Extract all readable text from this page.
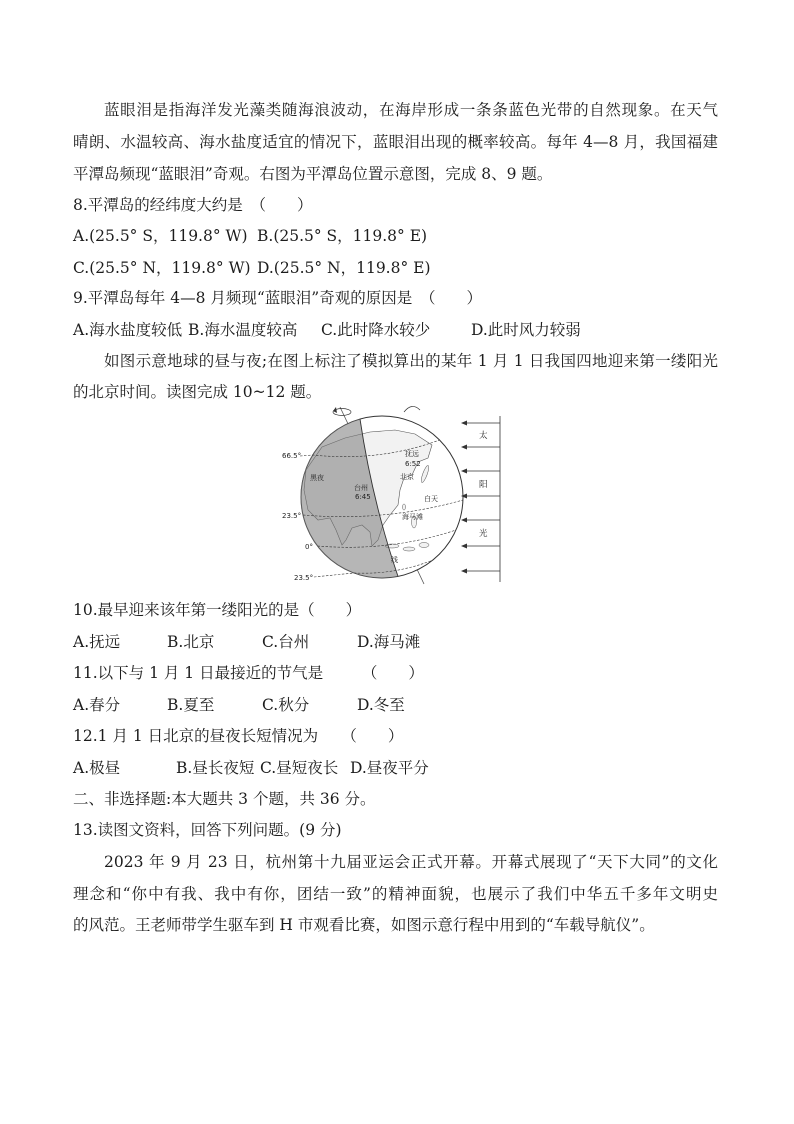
蓝眼泪是指海洋发光藻类随海浪波动，在海岸形成一条条蓝色光带的自然现象。在天气
晴朗、水温较高、海水盐度适宜的情况下，蓝眼泪出现的概率较高。每年 4—8 月，我国福建
平潭岛频现“蓝眼泪”奇观。右图为平潭岛位置示意图，完成 8、9 题。
8.平潭岛的经纬度大约是　（　　）
A.(25.5° S，119.8° W) B.(25.5° S，119.8° E)
C.(25.5° N，119.8° W) D.(25.5° N，119.8° E)
9.平潭岛每年 4—8 月频现“蓝眼泪”奇观的原因是　（　　）
A.海水盐度较低 B.海水温度较高 C.此时降水较少	D.此时风力较弱
如图示意地球的昼与夜;在图上标注了模拟算出的某年 1 月 1 日我国四地迎来第一缕阳光
的北京时间。读图完成 10~12 题。
66.5°
23.5°
0°
23.5°
黑夜
白天
抚远
6:52
北京
台州
6:45
海马滩
线
太
阳
光
10.最早迎来该年第一缕阳光的是（　　）
A.抚远	B.北京	C.台州	D.海马滩
11.以下与 1 月 1 日最接近的节气是　　　（　　）
A.春分	B.夏至	C.秋分	D.冬至
12.1 月 1 日北京的昼夜长短情况为　　（　　）
A.极昼	B.昼长夜短 C.昼短夜长 D.昼夜平分
二、非选择题:本大题共 3 个题，共 36 分。
13.读图文资料，回答下列问题。(9 分)
2023 年 9 月 23 日，杭州第十九届亚运会正式开幕。开幕式展现了“天下大同”的文化
理念和“你中有我、我中有你，团结一致”的精神面貌，也展示了我们中华五千多年文明史
的风范。王老师带学生驱车到 H 市观看比赛，如图示意行程中用到的“车载导航仪”。
